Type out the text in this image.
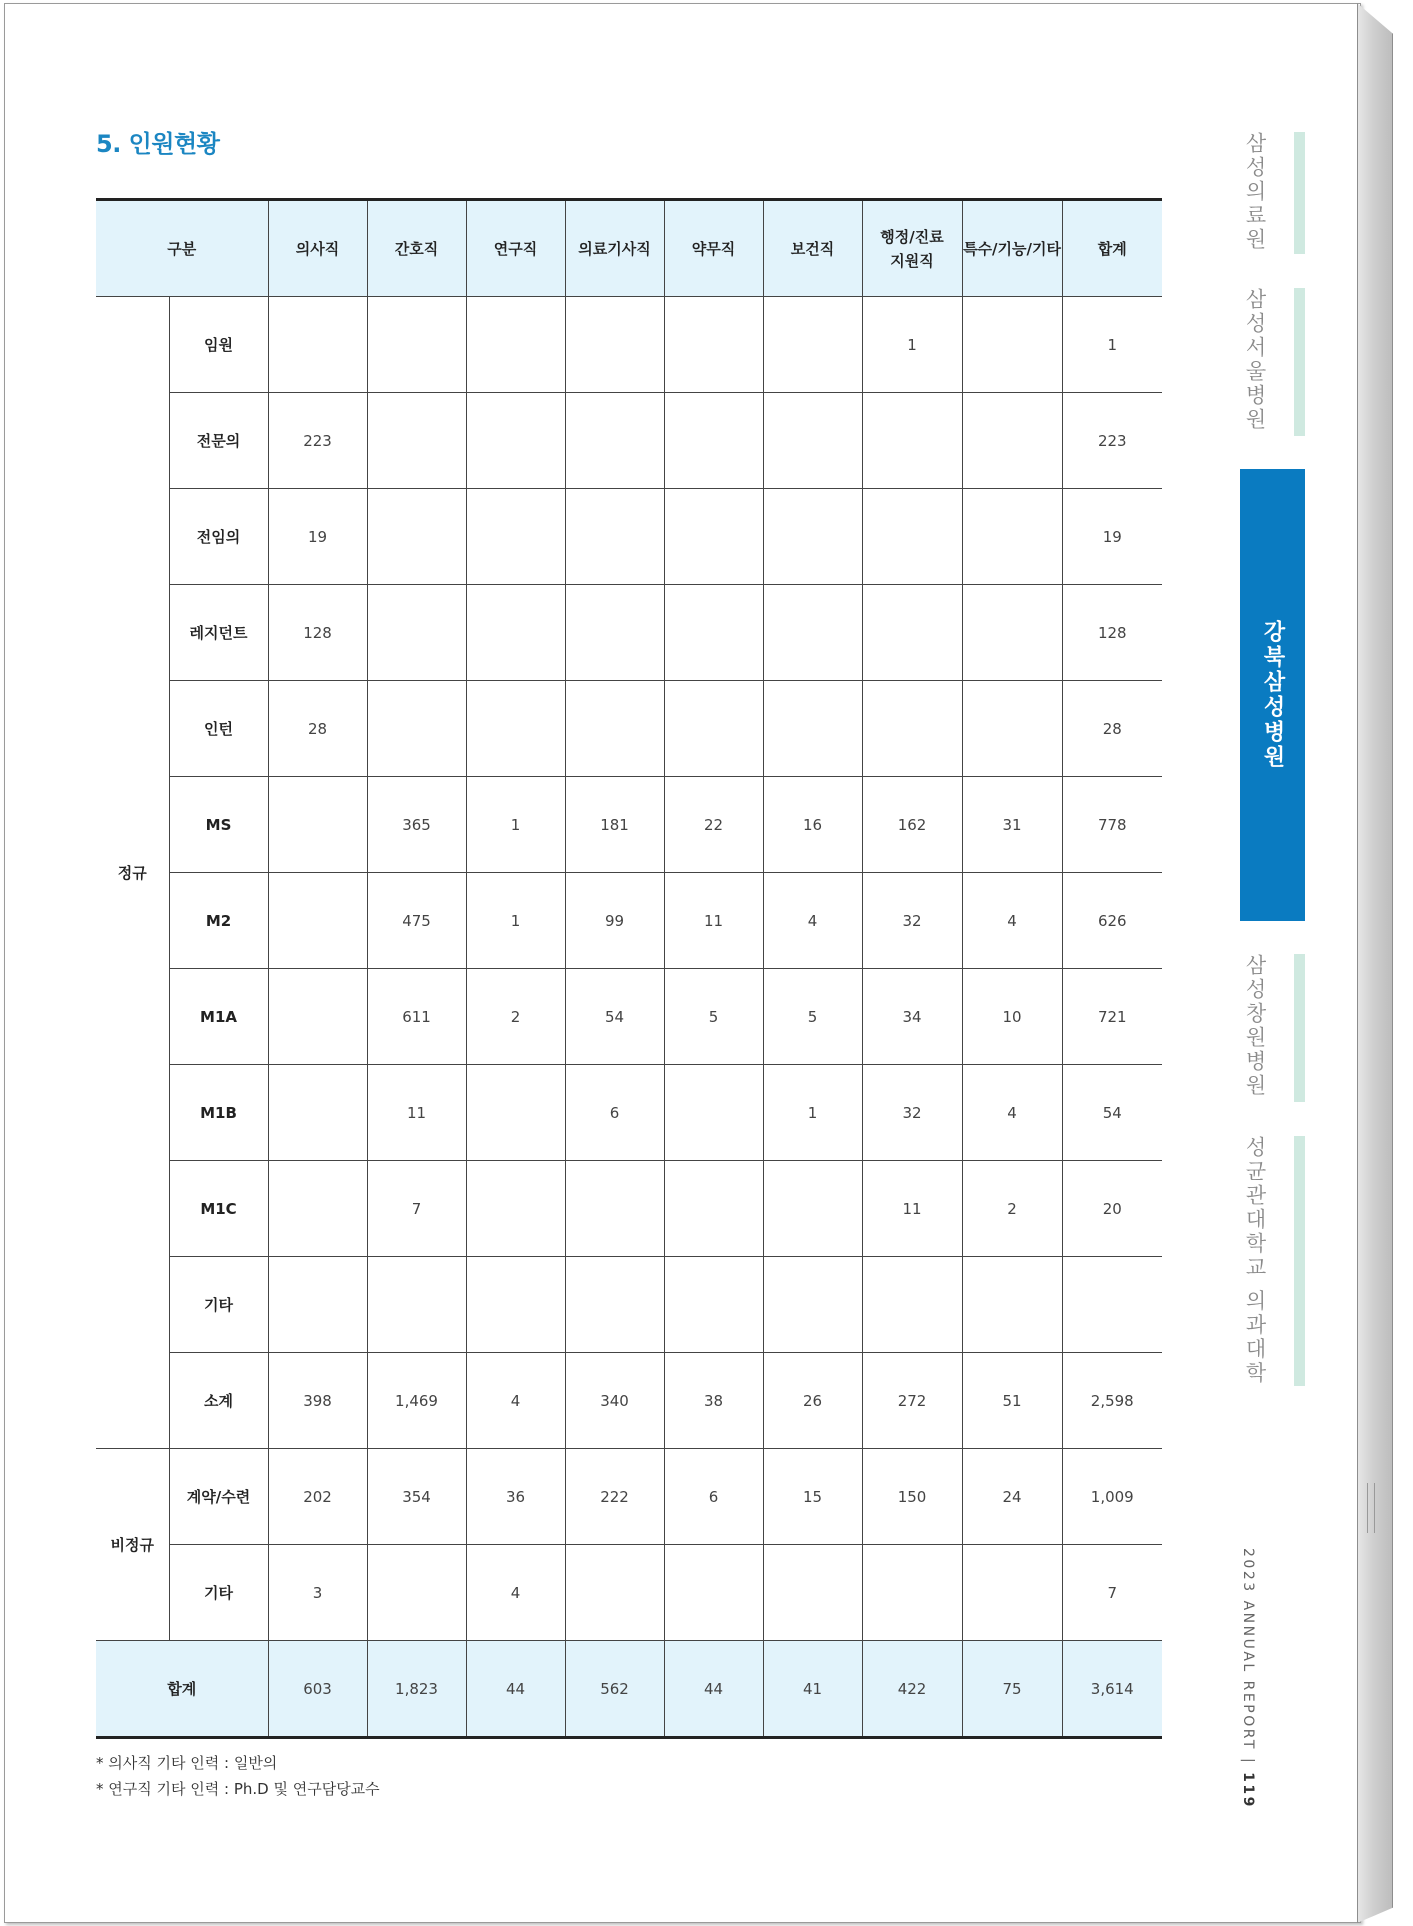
5. 인원현황
구분		의사직	간호직	연구직	의료기사직	약무직	보건직	행정/진료 지원직	특수/기능/기타	합계
정규	임원							1		1
	전문의	223								223
	전임의	19								19
	레지던트	128								128
	인턴	28								28
	MS		365	1	181	22	16	162	31	778
	M2		475	1	99	11	4	32	4	626
	M1A		611	2	54	5	5	34	10	721
	M1B		11		6		1	32	4	54
	M1C		7					11	2	20
	기타									
	소계	398	1,469	4	340	38	26	272	51	2,598
비정규	계약/수련	202	354	36	222	6	15	150	24	1,009
	기타	3		4						7
합계		603	1,823	44	562	44	41	422	75	3,614
* 의사직 기타 인력 : 일반의
* 연구직 기타 인력 : Ph.D 및 연구담당교수
삼성의료원
삼성서울병원
강북삼성병원
삼성창원병원
성균관대학교 의과대학
2023 ANNUAL REPORT | 119
